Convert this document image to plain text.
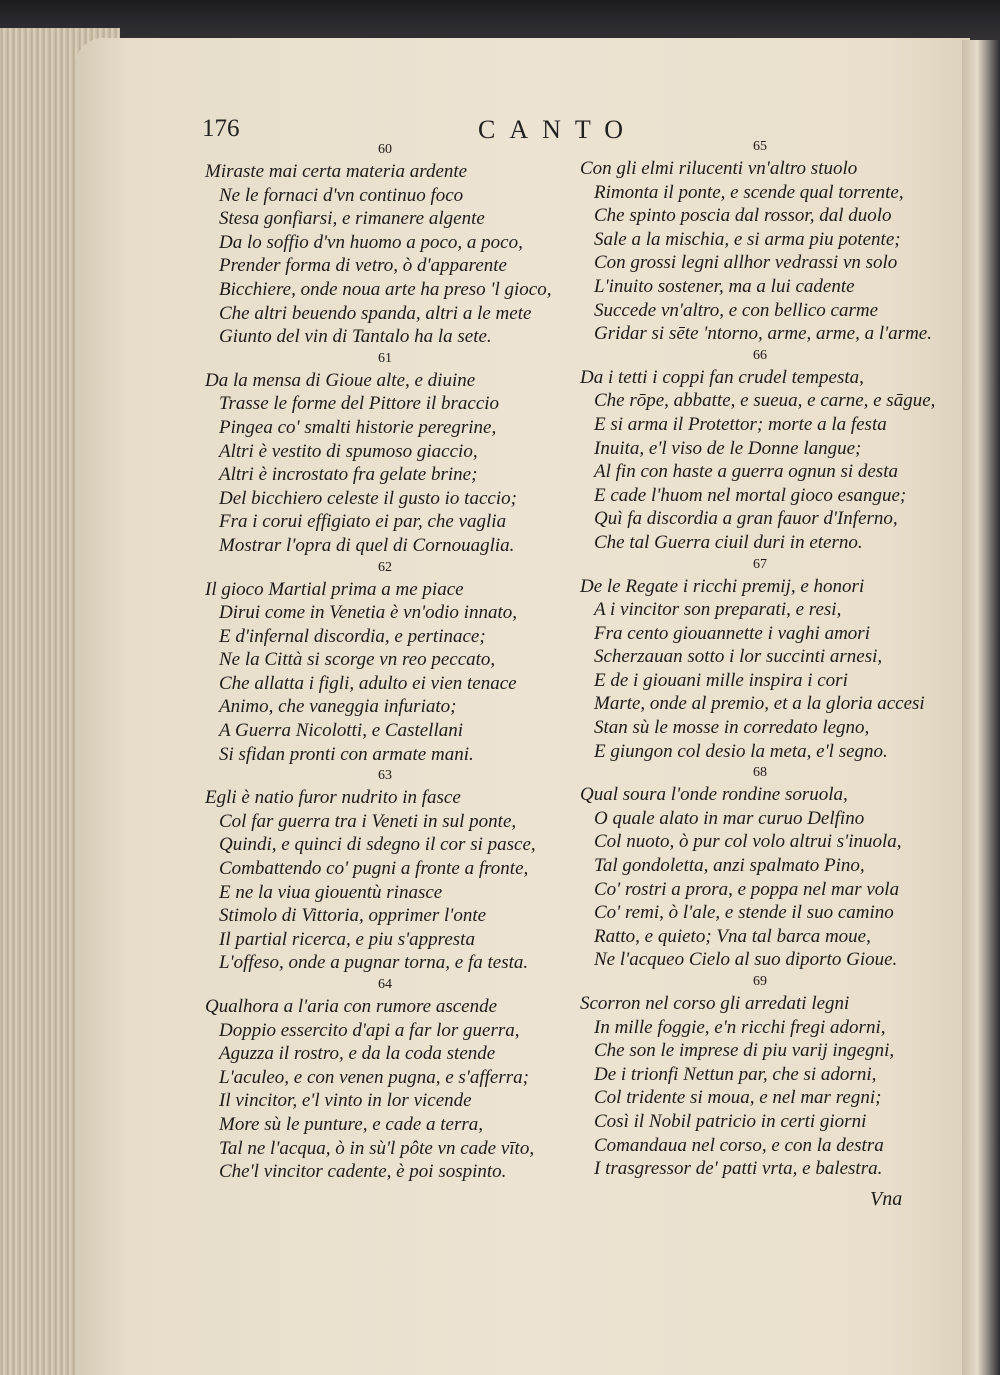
176	CANTO
60
Miraste mai certa materia ardente
Ne le fornaci d'vn continuo foco
Stesa gonfiarsi, e rimanere algente
Da lo soffio d'vn huomo a poco, a poco,
Prender forma di vetro, ò d'apparente
Bicchiere, onde noua arte ha preso 'l gioco,
Che altri beuendo spanda, altri a le mete
Giunto del vin di Tantalo ha la sete.
61
Da la mensa di Gioue alte, e diuine
Trasse le forme del Pittore il braccio
Pingea co' smalti historie peregrine,
Altri è vestito di spumoso giaccio,
Altri è incrostato fra gelate brine;
Del bicchiero celeste il gusto io taccio;
Fra i corui effigiato ei par, che vaglia
Mostrar l'opra di quel di Cornouaglia.
62
Il gioco Martial prima a me piace
Dirui come in Venetia è vn'odio innato,
E d'infernal discordia, e pertinace;
Ne la Città si scorge vn reo peccato,
Che allatta i figli, adulto ei vien tenace
Animo, che vaneggia infuriato;
A Guerra Nicolotti, e Castellani
Si sfidan pronti con armate mani.
63
Egli è natio furor nudrito in fasce
Col far guerra tra i Veneti in sul ponte,
Quindi, e quinci di sdegno il cor si pasce,
Combattendo co' pugni a fronte a fronte,
E ne la viua giouentù rinasce
Stimolo di Vittoria, opprimer l'onte
Il partial ricerca, e piu s'appresta
L'offeso, onde a pugnar torna, e fa testa.
64
Qualhora a l'aria con rumore ascende
Doppio essercito d'api a far lor guerra,
Aguzza il rostro, e da la coda stende
L'aculeo, e con venen pugna, e s'afferra;
Il vincitor, e'l vinto in lor vicende
More sù le punture, e cade a terra,
Tal ne l'acqua, ò in sù'l pôte vn cade vīto,
Che'l vincitor cadente, è poi sospinto.
65
Con gli elmi rilucenti vn'altro stuolo
Rimonta il ponte, e scende qual torrente,
Che spinto poscia dal rossor, dal duolo
Sale a la mischia, e si arma piu potente;
Con grossi legni allhor vedrassi vn solo
L'inuito sostener, ma a lui cadente
Succede vn'altro, e con bellico carme
Gridar si sēte 'ntorno, arme, arme, a l'arme.
66
Da i tetti i coppi fan crudel tempesta,
Che rōpe, abbatte, e sueua, e carne, e sāgue,
E si arma il Protettor; morte a la festa
Inuita, e'l viso de le Donne langue;
Al fin con haste a guerra ognun si desta
E cade l'huom nel mortal gioco esangue;
Quì fa discordia a gran fauor d'Inferno,
Che tal Guerra ciuil duri in eterno.
67
De le Regate i ricchi premij, e honori
A i vincitor son preparati, e resi,
Fra cento giouannette i vaghi amori
Scherzauan sotto i lor succinti arnesi,
E de i giouani mille inspira i cori
Marte, onde al premio, et a la gloria accesi
Stan sù le mosse in corredato legno,
E giungon col desio la meta, e'l segno.
68
Qual soura l'onde rondine soruola,
O quale alato in mar curuo Delfino
Col nuoto, ò pur col volo altrui s'inuola,
Tal gondoletta, anzi spalmato Pino,
Co' rostri a prora, e poppa nel mar vola
Co' remi, ò l'ale, e stende il suo camino
Ratto, e quieto; Vna tal barca moue,
Ne l'acqueo Cielo al suo diporto Gioue.
69
Scorron nel corso gli arredati legni
In mille foggie, e'n ricchi fregi adorni,
Che son le imprese di piu varij ingegni,
De i trionfi Nettun par, che si adorni,
Col tridente si moua, e nel mar regni;
Così il Nobil patricio in certi giorni
Comandaua nel corso, e con la destra
I trasgressor de' patti vrta, e balestra.
Vna
